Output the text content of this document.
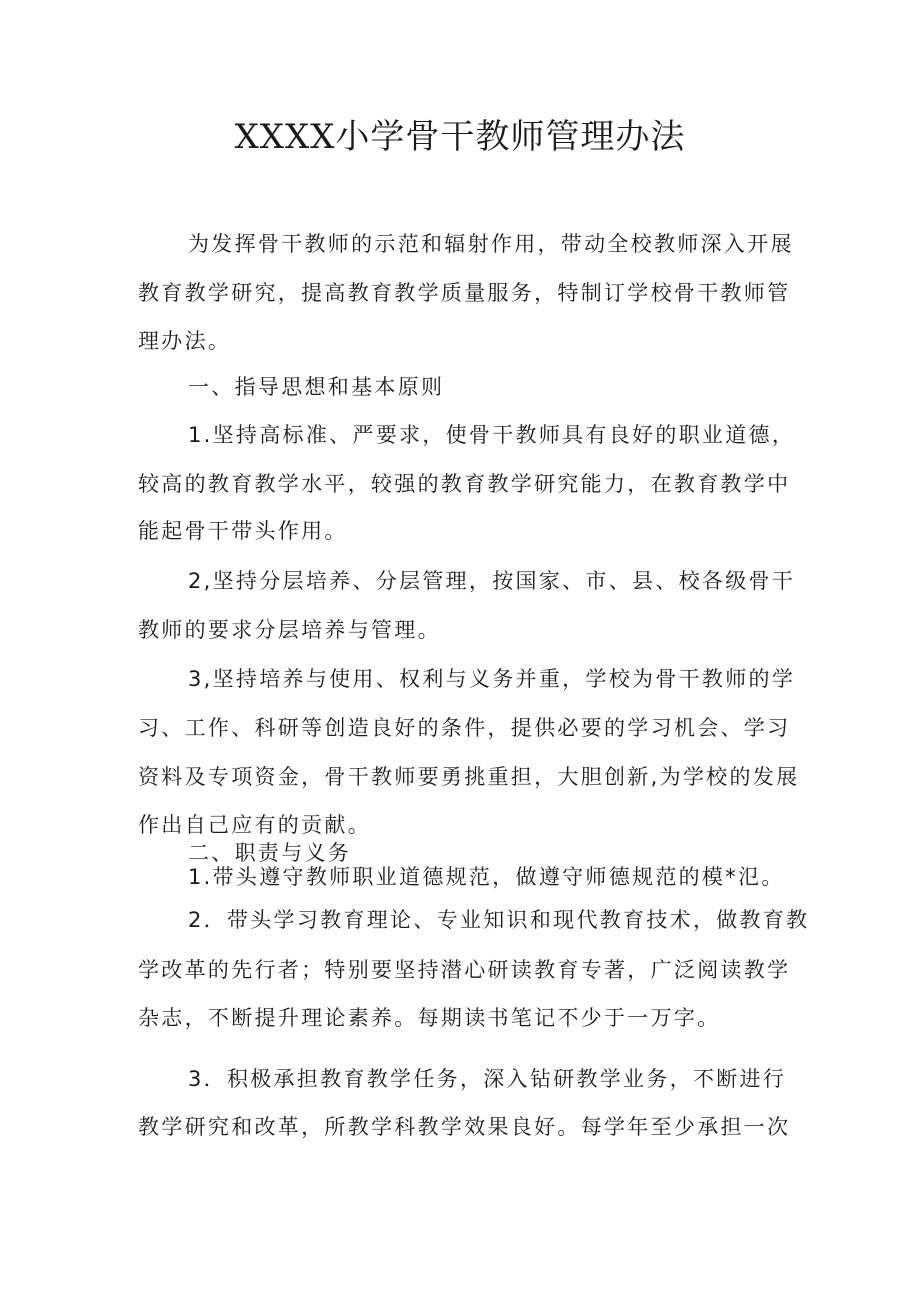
XXXX小学骨干教师管理办法
为发挥骨干教师的示范和辐射作用，带动全校教师深入开展
教育教学研究，提高教育教学质量服务，特制订学校骨干教师管
理办法。
一、指导思想和基本原则
1.坚持高标准、严要求，使骨干教师具有良好的职业道德，
较高的教育教学水平，较强的教育教学研究能力，在教育教学中
能起骨干带头作用。
2,坚持分层培养、分层管理，按国家、市、县、校各级骨干
教师的要求分层培养与管理。
3,坚持培养与使用、权利与义务并重，学校为骨干教师的学
习、工作、科研等创造良好的条件，提供必要的学习机会、学习
资料及专项资金，骨干教师要勇挑重担，大胆创新,为学校的发展
作出自己应有的贡献。
二、职责与义务
1.带头遵守教师职业道德规范，做遵守师德规范的模*氾。
2．带头学习教育理论、专业知识和现代教育技术，做教育教
学改革的先行者；特别要坚持潜心研读教育专著，广泛阅读教学
杂志，不断提升理论素养。每期读书笔记不少于一万字。
3．积极承担教育教学任务，深入钻研教学业务，不断进行
教学研究和改革，所教学科教学效果良好。每学年至少承担一次
